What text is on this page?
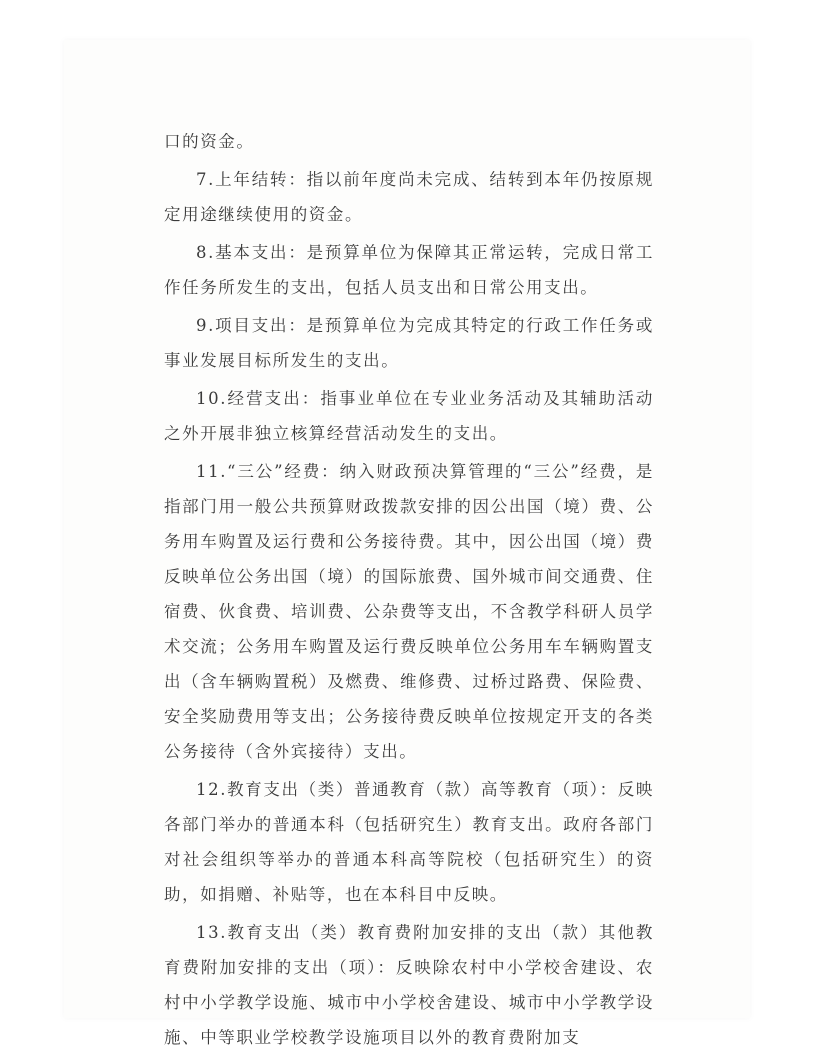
口的资金。

7.上年结转：指以前年度尚未完成、结转到本年仍按原规定用途继续使用的资金。

8.基本支出：是预算单位为保障其正常运转，完成日常工作任务所发生的支出，包括人员支出和日常公用支出。

9.项目支出：是预算单位为完成其特定的行政工作任务或事业发展目标所发生的支出。

10.经营支出：指事业单位在专业业务活动及其辅助活动之外开展非独立核算经营活动发生的支出。

11.“三公”经费：纳入财政预决算管理的“三公”经费，是指部门用一般公共预算财政拨款安排的因公出国（境）费、公务用车购置及运行费和公务接待费。其中，因公出国（境）费反映单位公务出国（境）的国际旅费、国外城市间交通费、住宿费、伙食费、培训费、公杂费等支出，不含教学科研人员学术交流；公务用车购置及运行费反映单位公务用车车辆购置支出（含车辆购置税）及燃费、维修费、过桥过路费、保险费、安全奖励费用等支出；公务接待费反映单位按规定开支的各类公务接待（含外宾接待）支出。

12.教育支出（类）普通教育（款）高等教育（项）：反映各部门举办的普通本科（包括研究生）教育支出。政府各部门对社会组织等举办的普通本科高等院校（包括研究生）的资助，如捐赠、补贴等，也在本科目中反映。

13.教育支出（类）教育费附加安排的支出（款）其他教育费附加安排的支出（项）：反映除农村中小学校舍建设、农村中小学教学设施、城市中小学校舍建设、城市中小学教学设施、中等职业学校教学设施项目以外的教育费附加支
